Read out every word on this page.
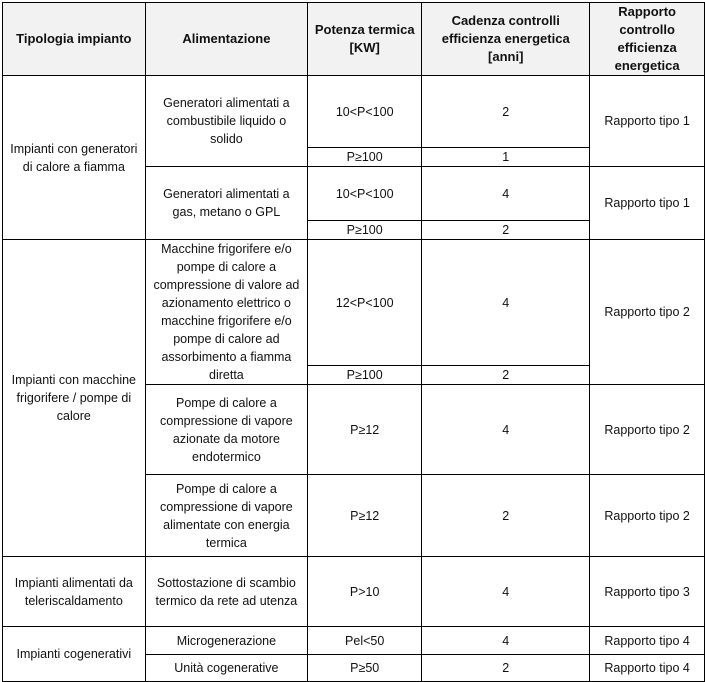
Tipologia impianto	Alimentazione	Potenza termica [KW]	Cadenza controlli efficienza energetica [anni]	Rapporto controllo efficienza energetica
Impianti con generatori di calore a fiamma	Generatori alimentati a combustibile liquido o solido	10<P<100	2	Rapporto tipo 1
		P≥100	1	
	Generatori alimentati a gas, metano o GPL	10<P<100	4	Rapporto tipo 1
		P≥100	2	
Impianti con macchine frigorifere / pompe di calore	Macchine frigorifere e/o pompe di calore a compressione di valore ad azionamento elettrico o macchine frigorifere e/o pompe di calore ad assorbimento a fiamma diretta	12<P<100	4	Rapporto tipo 2
		P≥100	2	
	Pompe di calore a compressione di vapore azionate da motore endotermico	P≥12	4	Rapporto tipo 2
	Pompe di calore a compressione di vapore alimentate con energia termica	P≥12	2	Rapporto tipo 2
Impianti alimentati da teleriscaldamento	Sottostazione di scambio termico da rete ad utenza	P>10	4	Rapporto tipo 3
Impianti cogenerativi	Microgenerazione	Pel<50	4	Rapporto tipo 4
	Unità cogenerative	P≥50	2	Rapporto tipo 4
